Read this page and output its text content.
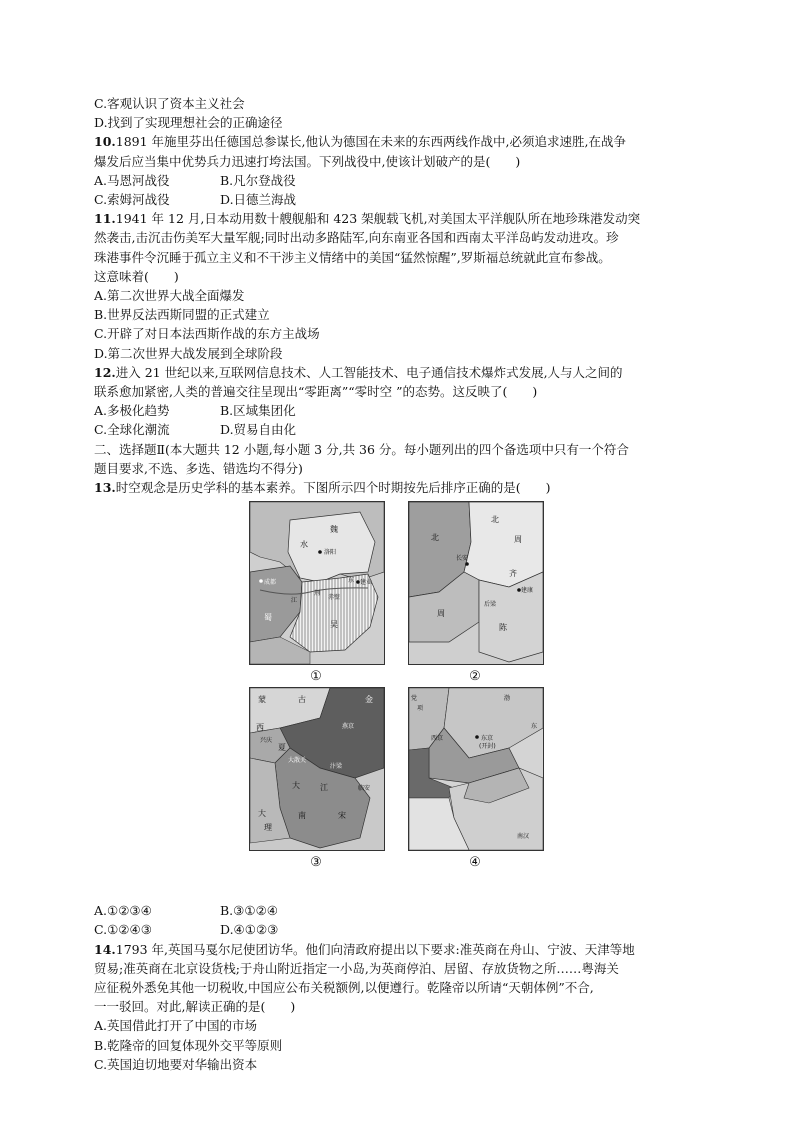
C.客观认识了资本主义社会
D.找到了实现理想社会的正确途径
10.1891 年施里芬出任德国总参谋长,他认为德国在未来的东西两线作战中,必须追求速胜,在战争
爆发后应当集中优势兵力迅速打垮法国。下列战役中,使该计划破产的是(　　)
A.马恩河战役	B.凡尔登战役
C.索姆河战役	D.日德兰海战
11.1941 年 12 月,日本动用数十艘舰船和 423 架舰载飞机,对美国太平洋舰队所在地珍珠港发动突
然袭击,击沉击伤美军大量军舰;同时出动多路陆军,向东南亚各国和西南太平洋岛屿发动进攻。珍
珠港事件令沉睡于孤立主义和不干涉主义情绪中的美国“猛然惊醒”,罗斯福总统就此宣布参战。
这意味着(　　)
A.第二次世界大战全面爆发
B.世界反法西斯同盟的正式建立
C.开辟了对日本法西斯作战的东方主战场
D.第二次世界大战发展到全球阶段
12.进入 21 世纪以来,互联网信息技术、人工智能技术、电子通信技术爆炸式发展,人与人之间的
联系愈加紧密,人类的普遍交往呈现出“零距离”“零时空 ”的态势。这反映了(　　)
A.多极化趋势	B.区域集团化
C.全球化潮流	D.贸易自由化
二、选择题Ⅱ(本大题共 12 小题,每小题 3 分,共 36 分。每小题列出的四个备选项中只有一个符合
题目要求,不选、多选、错选均不得分)
13.时空观念是历史学科的基本素养。下图所示四个时期按先后排序正确的是(　　)
魏
洛阳
水
成都
蜀
江
荆
赤壁
东 建业
吴
①
北
北
周
长安
齐
建康
后梁
周
陈
②
蒙	古	金
西
兴庆
夏
燕京
大散关
汴梁
大	江
大
理
南	宋
临安
③
党
项
渤
东
西京	东京
(开封)
南汉
④
A.①②③④	B.③①②④
C.①②④③	D.④①②③
14.1793 年,英国马戛尔尼使团访华。他们向清政府提出以下要求:准英商在舟山、宁波、天津等地
贸易;准英商在北京设货栈;于舟山附近指定一小岛,为英商停泊、居留、存放货物之所……粤海关
应征税外悉免其他一切税收,中国应公布关税额例,以便遵行。乾隆帝以所请“天朝体例”不合,
一一驳回。对此,解读正确的是(　　)
A.英国借此打开了中国的市场
B.乾隆帝的回复体现外交平等原则
C.英国迫切地要对华输出资本
